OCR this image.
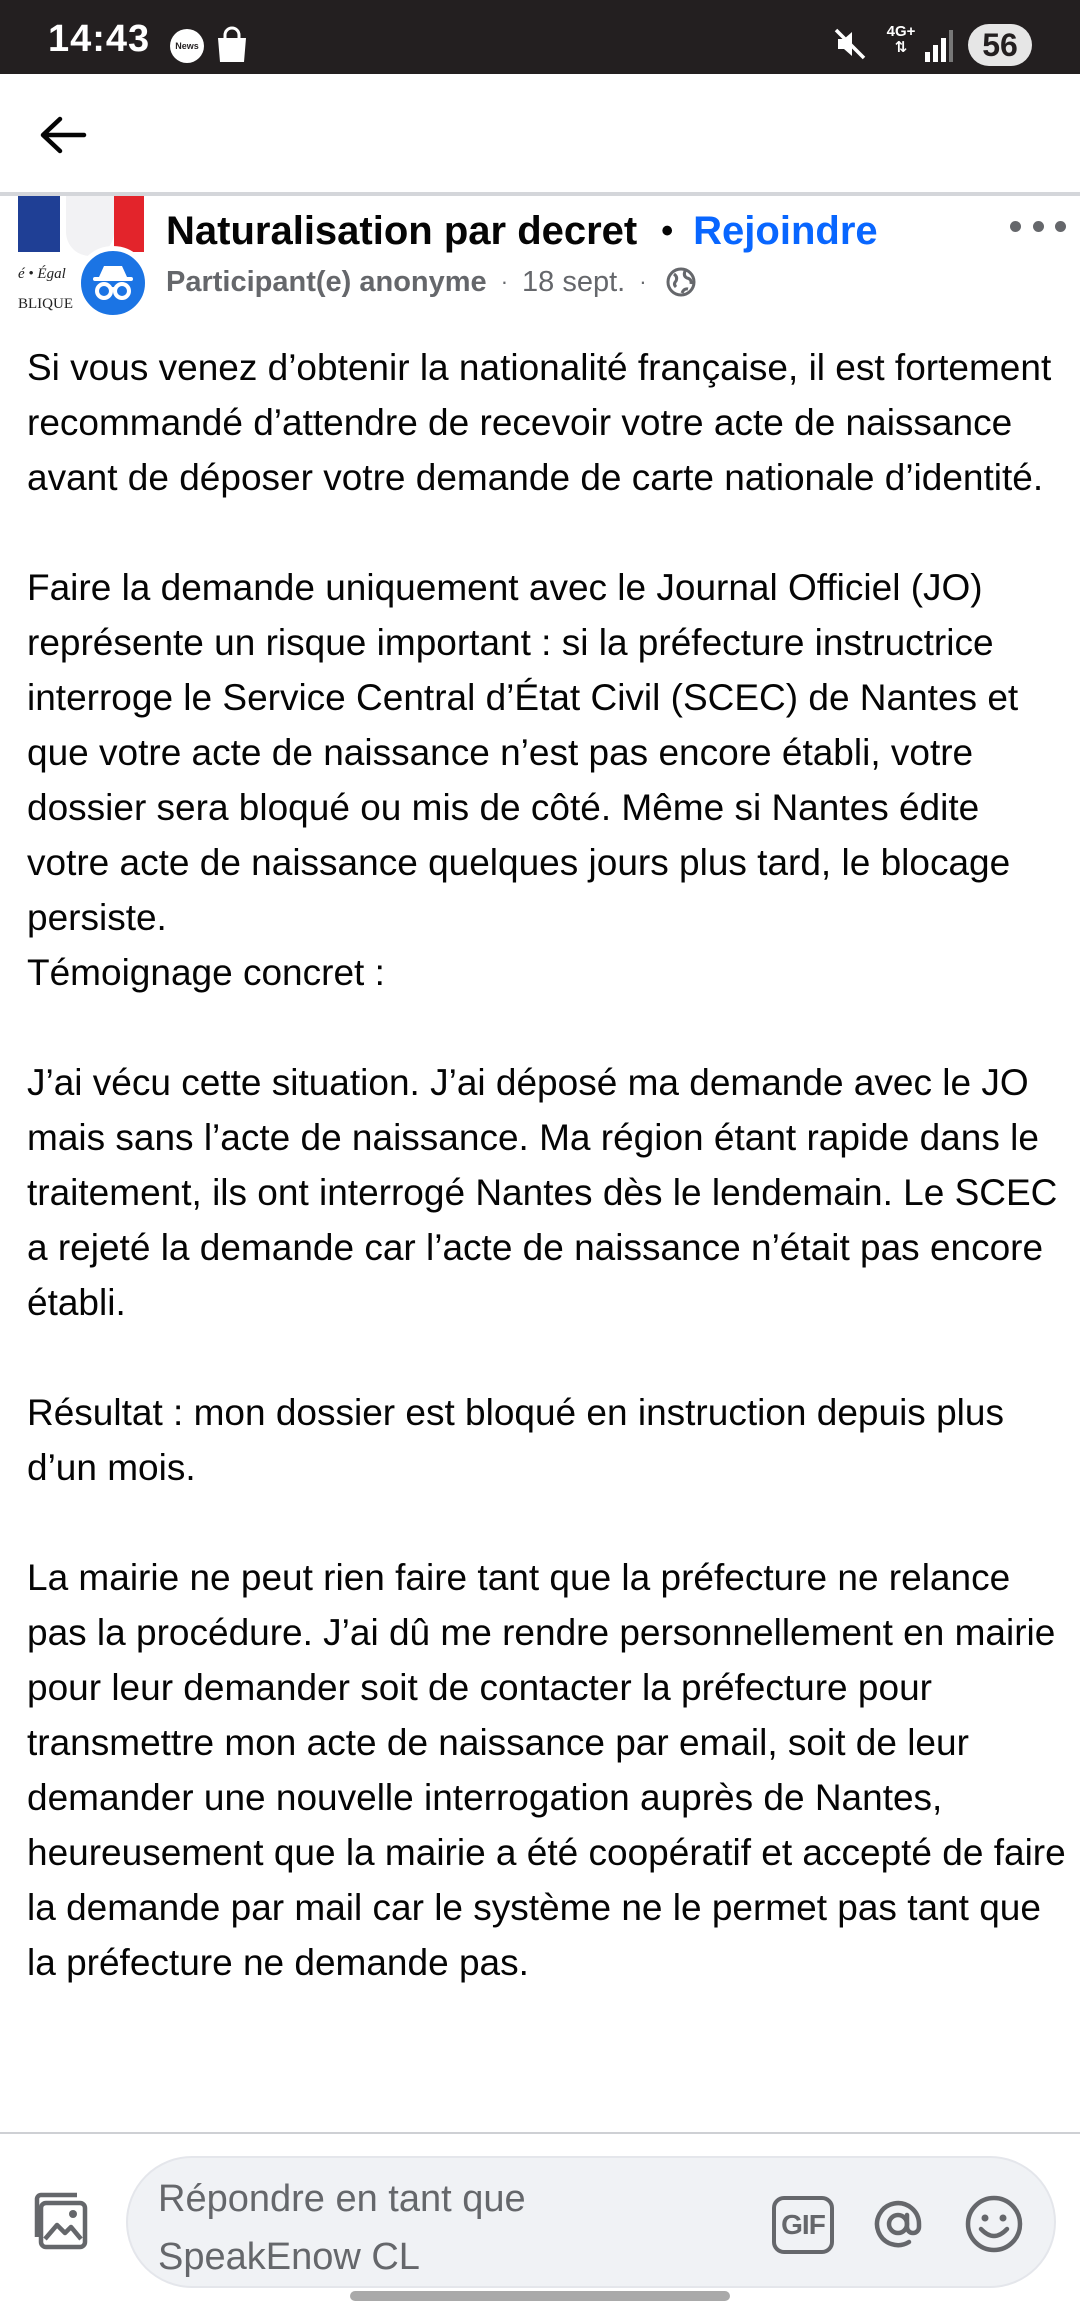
14:43	News
4G+
⇅	56
é • Égal
BLIQUE
Naturalisation par decret • Rejoindre
Participant(e) anonyme · 18 sept. ·

Si vous venez d’obtenir la nationalité française, il est fortement recommandé d’attendre de recevoir votre acte de naissance avant de déposer votre demande de carte nationale d’identité.

Faire la demande uniquement avec le Journal Officiel (JO) représente un risque important : si la préfecture instructrice interroge le Service Central d’État Civil (SCEC) de Nantes et que votre acte de naissance n’est pas encore établi, votre dossier sera bloqué ou mis de côté. Même si Nantes édite votre acte de naissance quelques jours plus tard, le blocage persiste.
Témoignage concret :

J’ai vécu cette situation. J’ai déposé ma demande avec le JO mais sans l’acte de naissance. Ma région étant rapide dans le traitement, ils ont interrogé Nantes dès le lendemain. Le SCEC a rejeté la demande car l’acte de naissance n’était pas encore établi.

Résultat : mon dossier est bloqué en instruction depuis plus d’un mois.

La mairie ne peut rien faire tant que la préfecture ne relance pas la procédure. J’ai dû me rendre personnellement en mairie pour leur demander soit de contacter la préfecture pour transmettre mon acte de naissance par email, soit de leur demander une nouvelle interrogation auprès de Nantes, heureusement que la mairie a été coopératif et accepté de faire la demande par mail car le système ne le permet pas tant que la préfecture ne demande pas.

Répondre en tant que SpeakEnow CL
GIF
